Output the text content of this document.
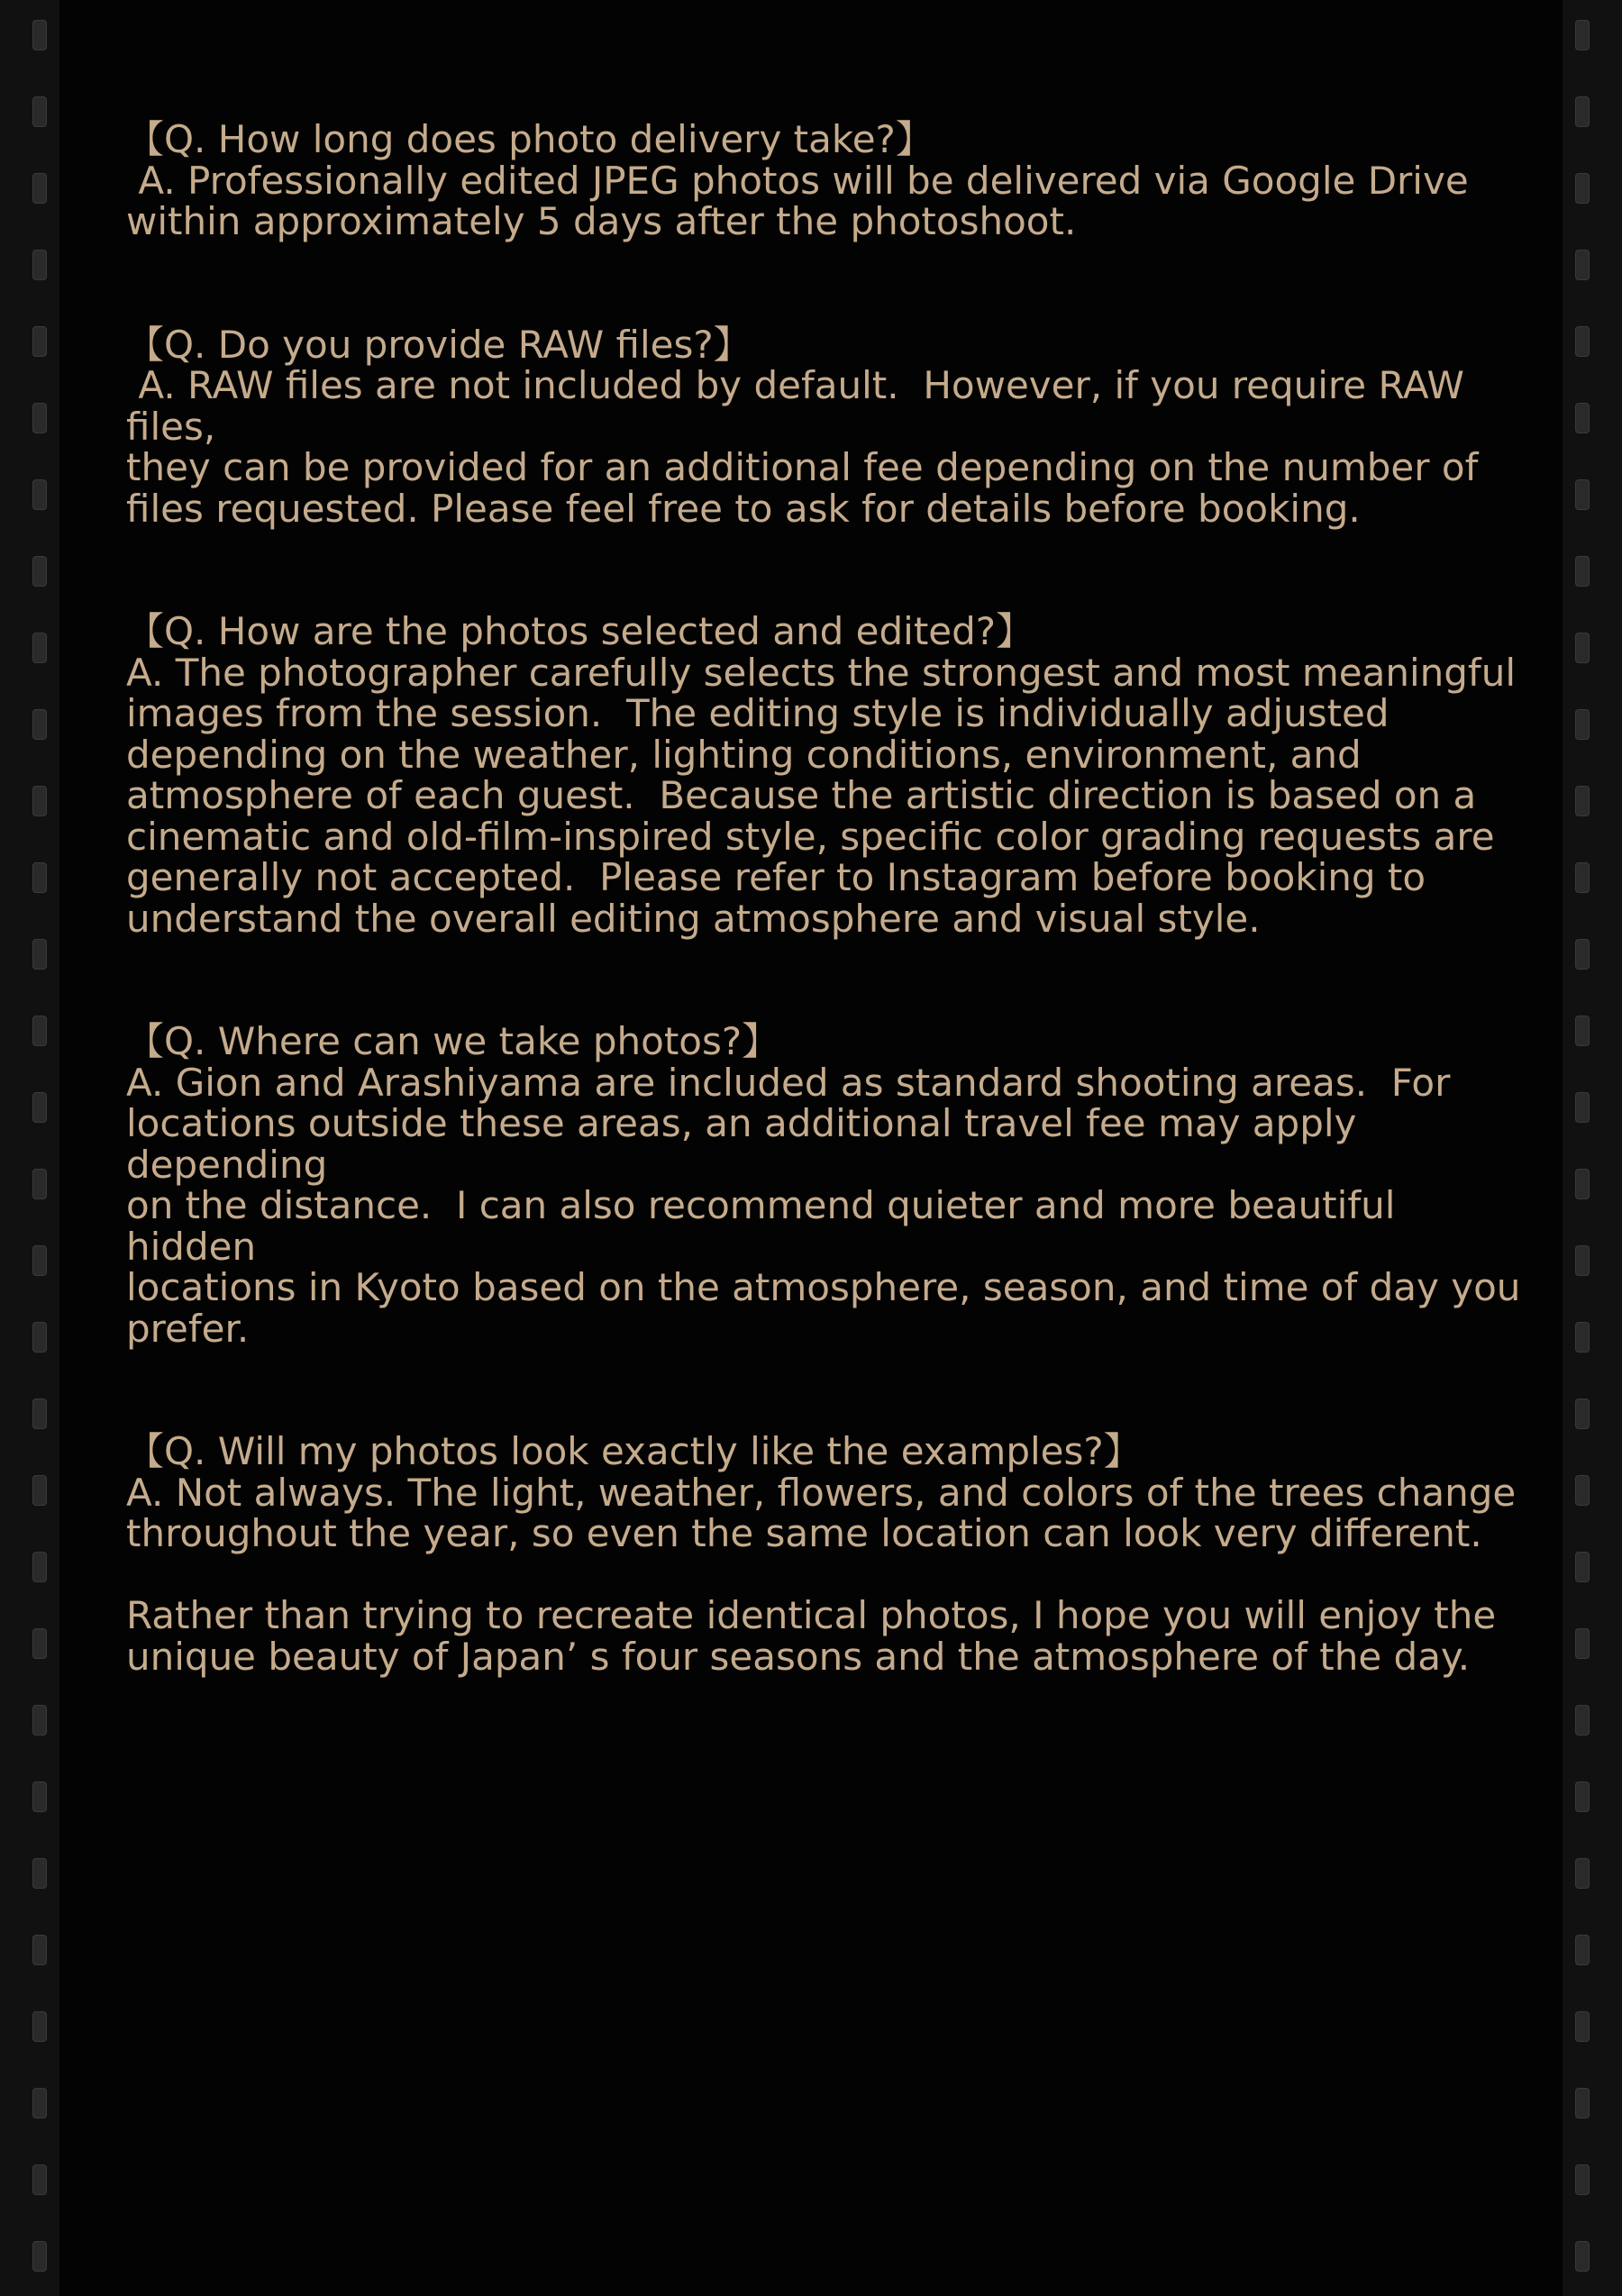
【Q. How long does photo delivery take?】

A. Professionally edited JPEG photos will be delivered via Google Drive
within approximately 5 days after the photoshoot.

【Q. Do you provide RAW files?】

A. RAW files are not included by default.  However, if you require RAW files,
they can be provided for an additional fee depending on the number of
files requested. Please feel free to ask for details before booking.

【Q. How are the photos selected and edited?】

A. The photographer carefully selects the strongest and most meaningful
images from the session.  The editing style is individually adjusted
depending on the weather, lighting conditions, environment, and
atmosphere of each guest.  Because the artistic direction is based on a
cinematic and old-film-inspired style, specific color grading requests are
generally not accepted.  Please refer to Instagram before booking to
understand the overall editing atmosphere and visual style.

【Q. Where can we take photos?】

A. Gion and Arashiyama are included as standard shooting areas.  For
locations outside these areas, an additional travel fee may apply depending
on the distance.  I can also recommend quieter and more beautiful hidden
locations in Kyoto based on the atmosphere, season, and time of day you
prefer.

【Q. Will my photos look exactly like the examples?】

A. Not always. The light, weather, flowers, and colors of the trees change
throughout the year, so even the same location can look very different.

Rather than trying to recreate identical photos, I hope you will enjoy the
unique beauty of Japan’ s four seasons and the atmosphere of the day.
